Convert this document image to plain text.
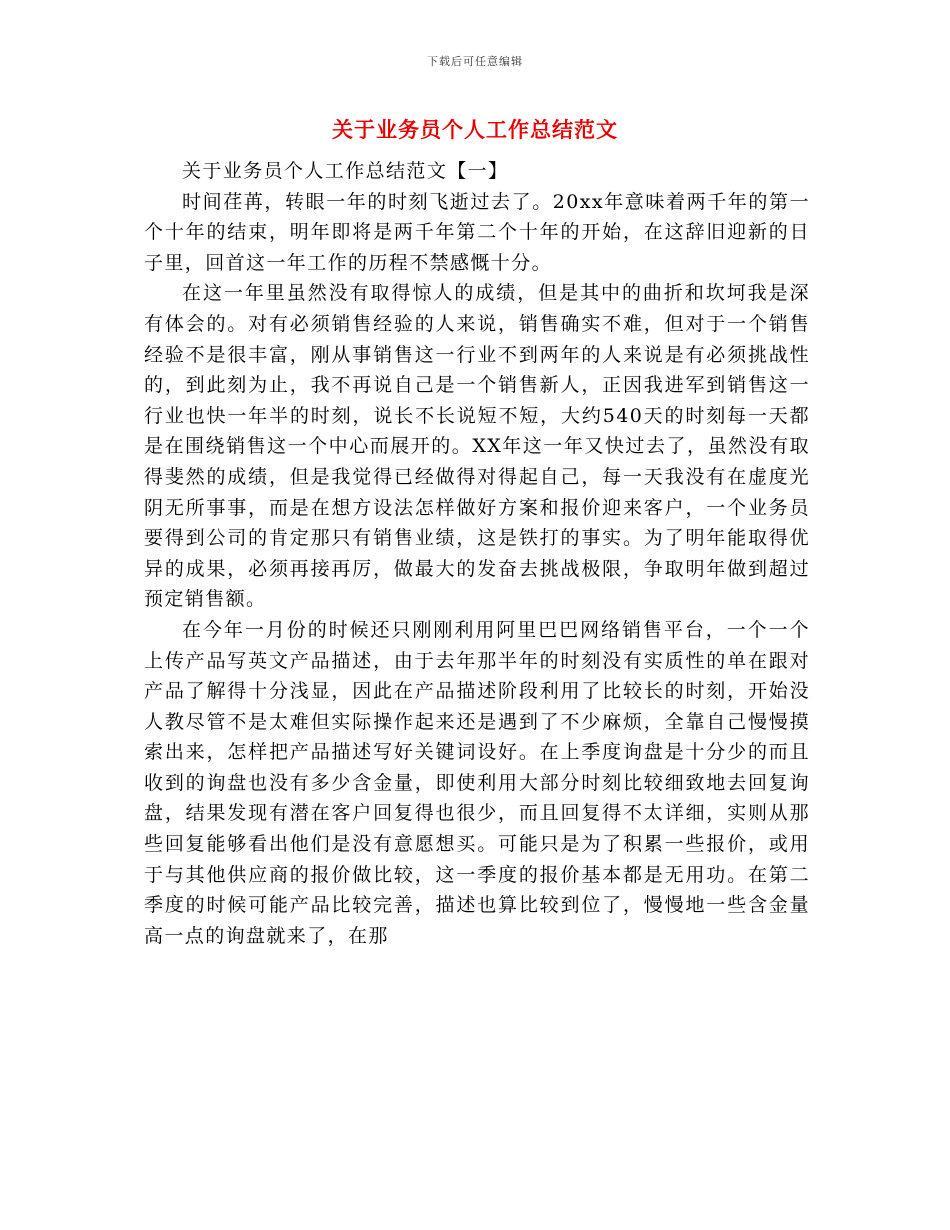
下载后可任意编辑
关于业务员个人工作总结范文

关于业务员个人工作总结范文【一】

时间荏苒，转眼一年的时刻飞逝过去了。20xx年意味着两千年的第一个十年的结束，明年即将是两千年第二个十年的开始，在这辞旧迎新的日子里，回首这一年工作的历程不禁感慨十分。

在这一年里虽然没有取得惊人的成绩，但是其中的曲折和坎坷我是深有体会的。对有必须销售经验的人来说，销售确实不难，但对于一个销售经验不是很丰富，刚从事销售这一行业不到两年的人来说是有必须挑战性的，到此刻为止，我不再说自己是一个销售新人，正因我进军到销售这一行业也快一年半的时刻，说长不长说短不短，大约540天的时刻每一天都是在围绕销售这一个中心而展开的。XX年这一年又快过去了，虽然没有取得斐然的成绩，但是我觉得已经做得对得起自己，每一天我没有在虚度光阴无所事事，而是在想方设法怎样做好方案和报价迎来客户，一个业务员要得到公司的肯定那只有销售业绩，这是铁打的事实。为了明年能取得优异的成果，必须再接再厉，做最大的发奋去挑战极限，争取明年做到超过预定销售额。

在今年一月份的时候还只刚刚利用阿里巴巴网络销售平台，一个一个上传产品写英文产品描述，由于去年那半年的时刻没有实质性的单在跟对产品了解得十分浅显，因此在产品描述阶段利用了比较长的时刻，开始没人教尽管不是太难但实际操作起来还是遇到了不少麻烦，全靠自己慢慢摸索出来，怎样把产品描述写好关键词设好。在上季度询盘是十分少的而且收到的询盘也没有多少含金量，即使利用大部分时刻比较细致地去回复询盘，结果发现有潜在客户回复得也很少，而且回复得不太详细，实则从那些回复能够看出他们是没有意愿想买。可能只是为了积累一些报价，或用于与其他供应商的报价做比较，这一季度的报价基本都是无用功。在第二季度的时候可能产品比较完善，描述也算比较到位了，慢慢地一些含金量高一点的询盘就来了，在那
